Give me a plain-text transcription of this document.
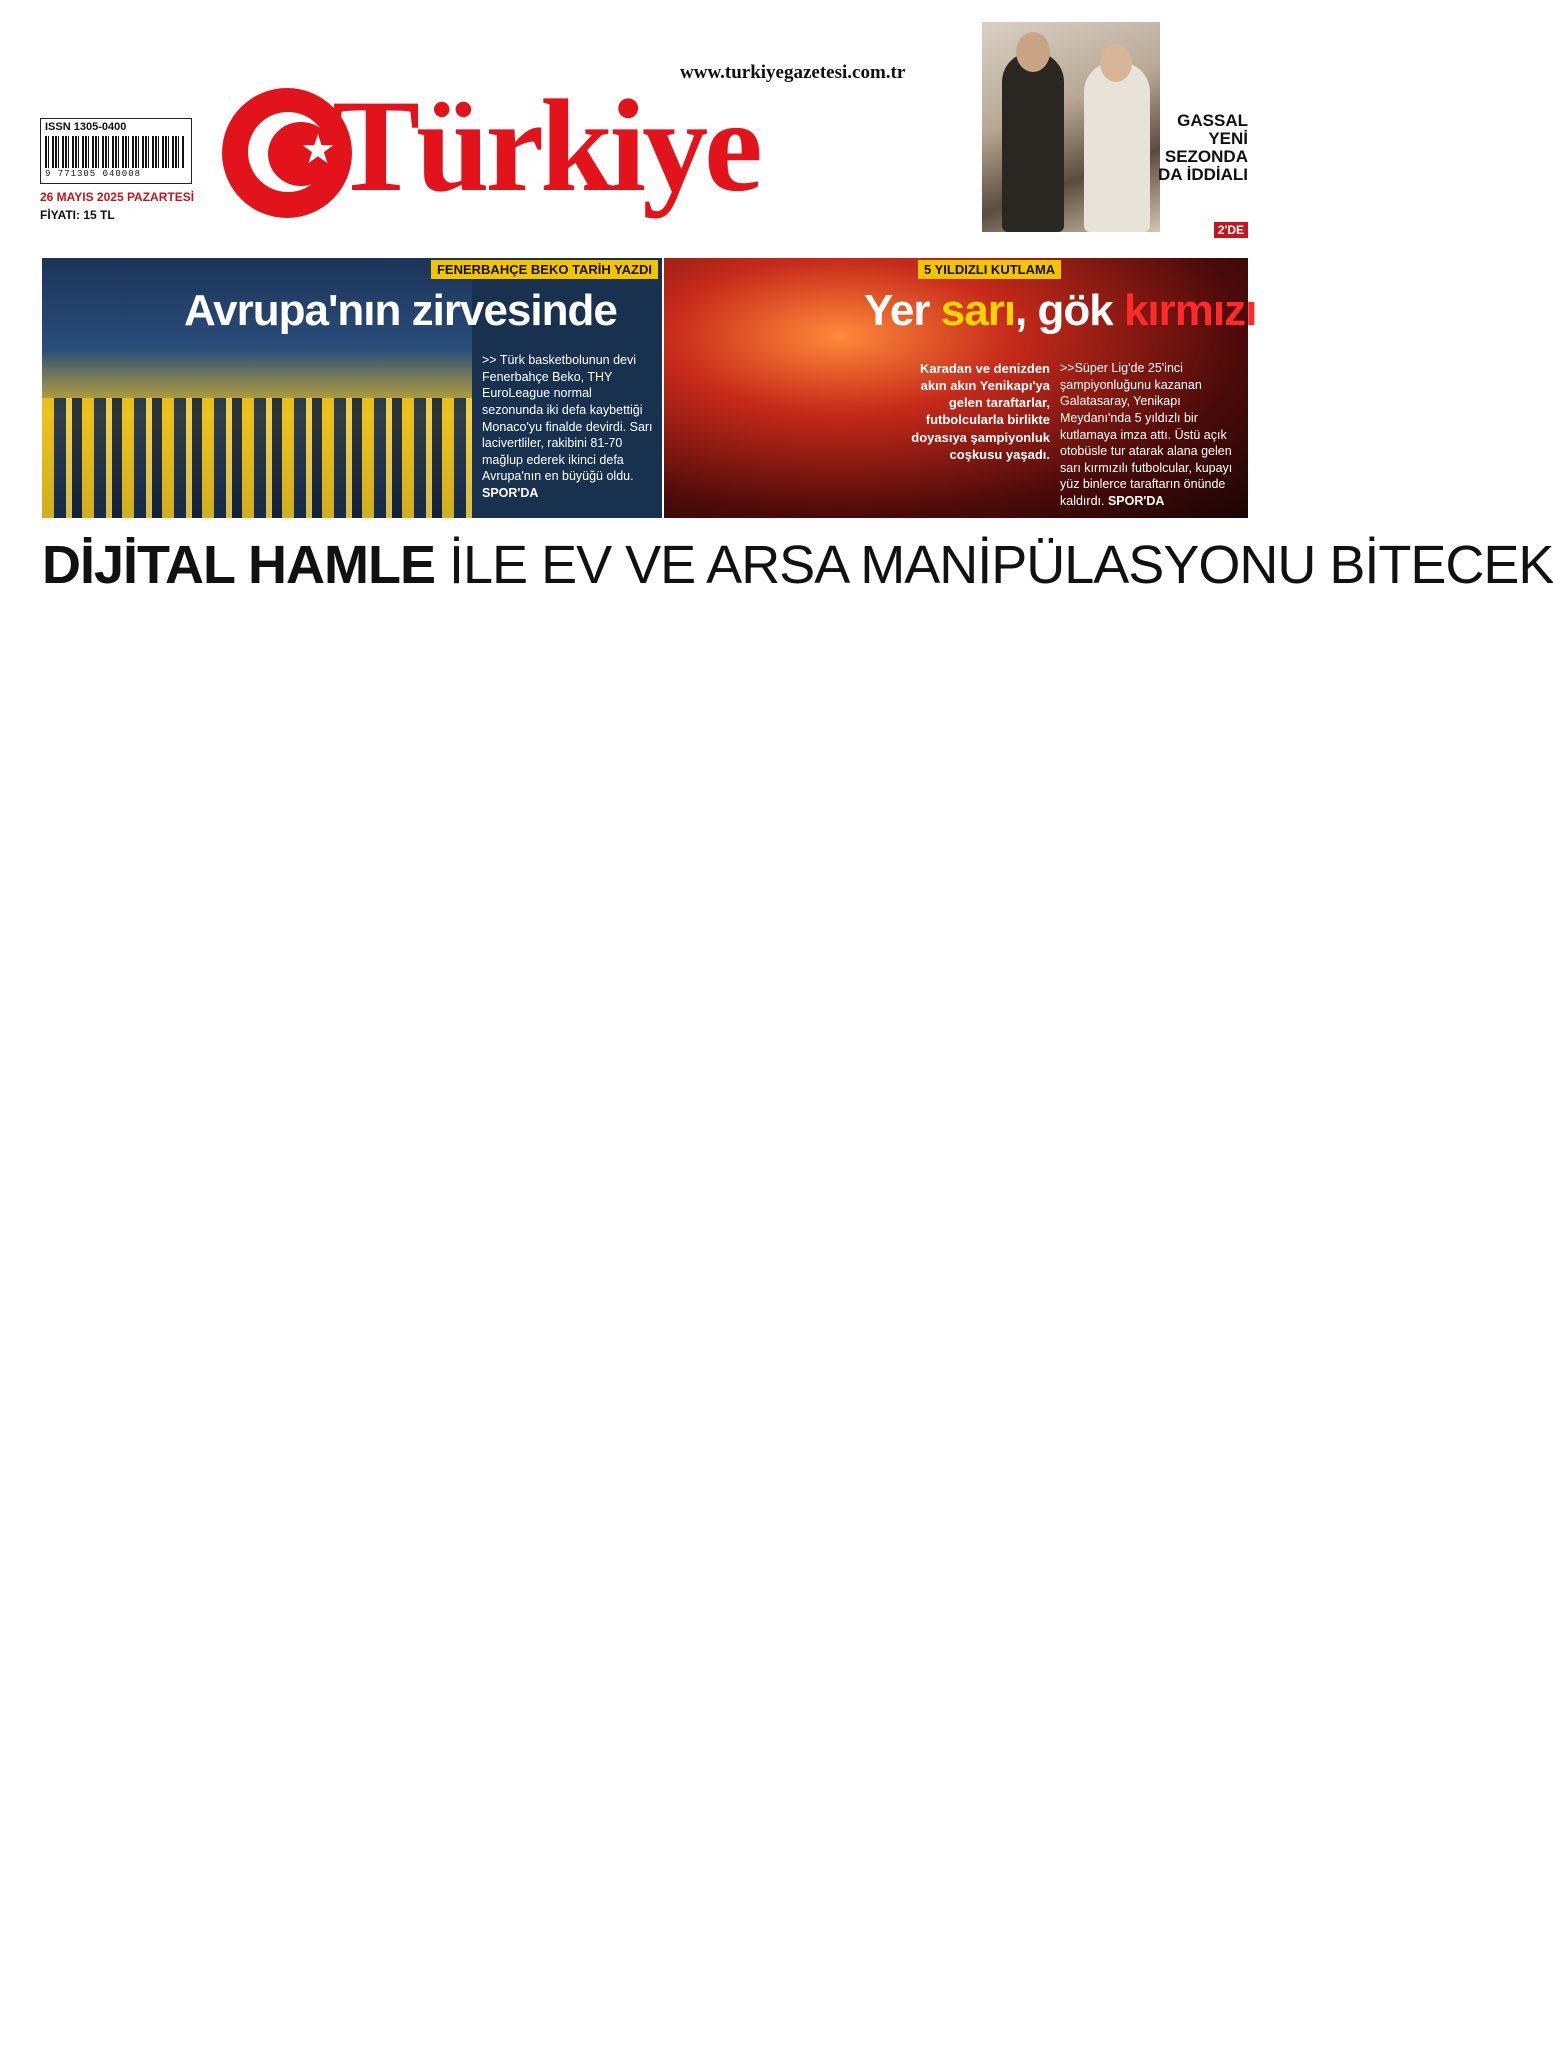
ISSN 1305-0400
9 771305 040008
26 MAYIS 2025 PAZARTESİ
FİYATI: 15 TL
www.turkiyegazetesi.com.tr
★
Türkiye	GASSAL YENİ SEZONDA DA İDDİALI
2'DE
FENERBAHÇE BEKO TARİH YAZDI
Avrupa'nın zirvesinde
>> Türk basketbolunun devi Fenerbahçe Beko, THY EuroLeague normal sezonunda iki defa kaybettiği Monaco'yu finalde devirdi. Sarı lacivertliler, rakibini 81-70 mağlup ederek ikinci defa Avrupa'nın en büyüğü oldu. SPOR'DA
5 YILDIZLI KUTLAMA
Yer sarı, gök kırmızı
Karadan ve denizden akın akın Yenikapı'ya gelen taraftarlar, futbolcularla birlikte doyasıya şampiyonluk coşkusu yaşadı.
>>Süper Lig'de 25'inci şampiyonluğunu kazanan Galatasaray, Yenikapı Meydanı'nda 5 yıldızlı bir kutlamaya imza attı. Üstü açık otobüsle tur atarak alana gelen sarı kırmızılı futbolcular, kupayı yüz binlerce taraftarın önünde kaldırdı. SPOR'DA
DİJİTAL HAMLE İLE EV VE ARSA MANİPÜLASYONU BİTECEK
